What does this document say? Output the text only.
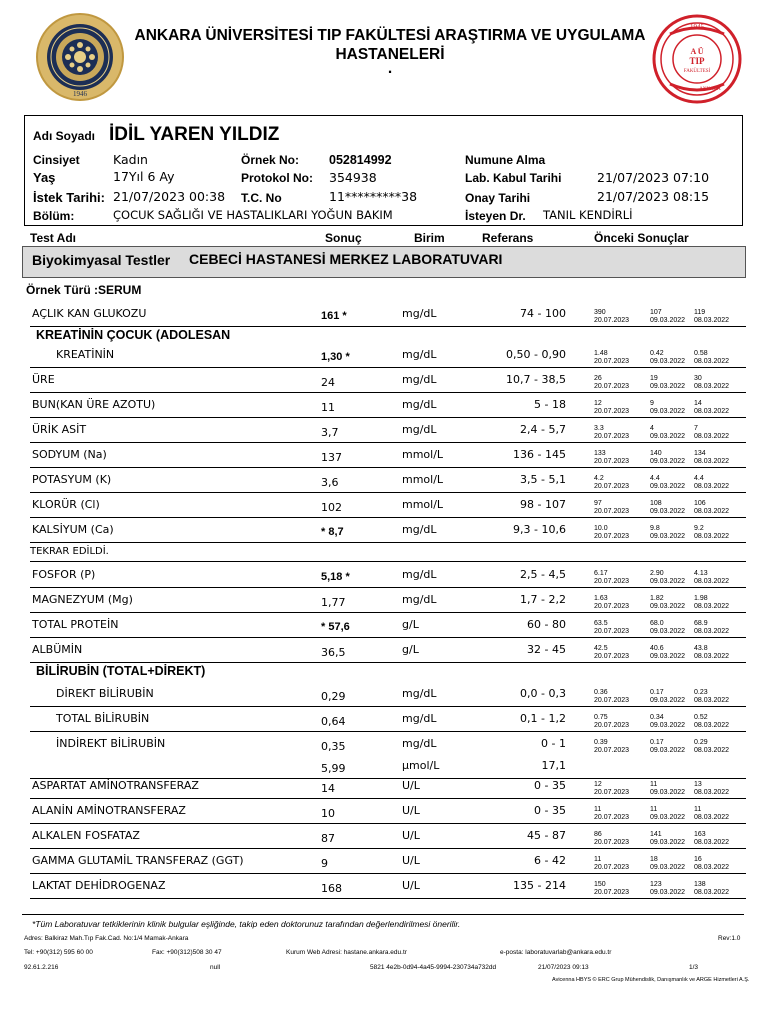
1946
1945
A Ü
TIP
FAKÜLTESİ
ANKARA
ANKARA ÜNİVERSİTESİ TIP FAKÜLTESİ ARAŞTIRMA VE UYGULAMA
HASTANELERİ
.
Adı Soyadı İDİL YAREN YILDIZ
Cinsiyet	Kadın
Yaş	17Yıl 6 Ay
İstek Tarihi: 21/07/2023 00:38
Bölüm:	ÇOCUK SAĞLIĞI VE HASTALIKLARI YOĞUN BAKIM
Örnek No: 052814992
Protokol No: 354938
T.C. No	11*********38
Numune Alma
Lab. Kabul Tarihi	21/07/2023 07:10
Onay Tarihi	21/07/2023 08:15
İsteyen Dr. TANIL KENDİRLİ
Test Adı	Sonuç	Birim	Referans	Önceki Sonuçlar
Biyokimyasal Testler CEBECİ HASTANESİ MERKEZ LABORATUVARI
Örnek Türü :SERUM
AÇLIK KAN GLUKOZU	161 *	mg/dL	74 - 100	390
20.07.2023
107
09.03.2022
119
08.03.2022
KREATİNİN ÇOCUK (ADOLESAN
KREATİNİN	1,30 *	mg/dL	0,50 - 0,90	1.48
20.07.2023
0.42
09.03.2022
0.58
08.03.2022
ÜRE	24	mg/dL	10,7 - 38,5	26
20.07.2023
19
09.03.2022
30
08.03.2022
BUN(KAN ÜRE AZOTU)	11	mg/dL	5 - 18	12
20.07.2023
9
09.03.2022
14
08.03.2022
ÜRİK ASİT	3,7	mg/dL	2,4 - 5,7	3.3
20.07.2023
4
09.03.2022
7
08.03.2022
SODYUM (Na)	137	mmol/L	136 - 145	133
20.07.2023
140
09.03.2022
134
08.03.2022
POTASYUM (K)	3,6	mmol/L	3,5 - 5,1	4.2
20.07.2023
4.4
09.03.2022
4.4
08.03.2022
KLORÜR (Cl)	102	mmol/L	98 - 107	97
20.07.2023
108
09.03.2022
106
08.03.2022
KALSİYUM (Ca)	* 8,7	mg/dL	9,3 - 10,6	10.0
20.07.2023
9.8
09.03.2022
9.2
08.03.2022
TEKRAR EDİLDİ.
FOSFOR (P)	5,18 *	mg/dL	2,5 - 4,5	6.17
20.07.2023
2.90
09.03.2022
4.13
08.03.2022
MAGNEZYUM (Mg)	1,77	mg/dL	1,7 - 2,2	1.63
20.07.2023
1.82
09.03.2022
1.98
08.03.2022
TOTAL PROTEİN	* 57,6	g/L	60 - 80	63.5
20.07.2023
68.0
09.03.2022
68.9
08.03.2022
ALBÜMİN	36,5	g/L	32 - 45	42.5
20.07.2023
40.6
09.03.2022
43.8
08.03.2022
BİLİRUBİN (TOTAL+DİREKT)
DİREKT BİLİRUBİN	0,29	mg/dL	0,0 - 0,3	0.36
20.07.2023
0.17
09.03.2022
0.23
08.03.2022
TOTAL BİLİRUBİN	0,64	mg/dL	0,1 - 1,2	0.75
20.07.2023
0.34
09.03.2022
0.52
08.03.2022
İNDİREKT BİLİRUBİN	0,35	mg/dL	0 - 1	0.39
20.07.2023
0.17
09.03.2022
0.29
08.03.2022
5,99	µmol/L	17,1
ASPARTAT AMİNOTRANSFERAZ	14	U/L	0 - 35	12
20.07.2023
11
09.03.2022
13
08.03.2022
ALANİN AMİNOTRANSFERAZ	10	U/L	0 - 35	11
20.07.2023
11
09.03.2022
11
08.03.2022
ALKALEN FOSFATAZ	87	U/L	45 - 87	86
20.07.2023
141
09.03.2022
163
08.03.2022
GAMMA GLUTAMİL TRANSFERAZ (GGT)	9	U/L	6 - 42	11
20.07.2023
18
09.03.2022
16
08.03.2022
LAKTAT DEHİDROGENAZ	168	U/L	135 - 214	150
20.07.2023
123
09.03.2022
138
08.03.2022
*Tüm Laboratuvar tetkiklerinin klinik bulgular eşliğinde, takip eden doktorunuz tarafından değerlendirilmesi önerilir.
Adres: Balkiraz Mah.Tıp Fak.Cad. No:1/4 Mamak-Ankara	Rev:1.0
Tel: +90(312) 595 60 00	Fax: +90(312)508 30 47	Kurum Web Adresi: hastane.ankara.edu.tr	e-posta: laboratuvarlab@ankara.edu.tr
92.61.2.216	null	5821 4e2b-0d94-4a45-9994-230734a732dd	21/07/2023 09:13	1/3
Avicenna HBYS © ERC Grup Mühendislik, Danışmanlık ve ARGE Hizmetleri A.Ş.
